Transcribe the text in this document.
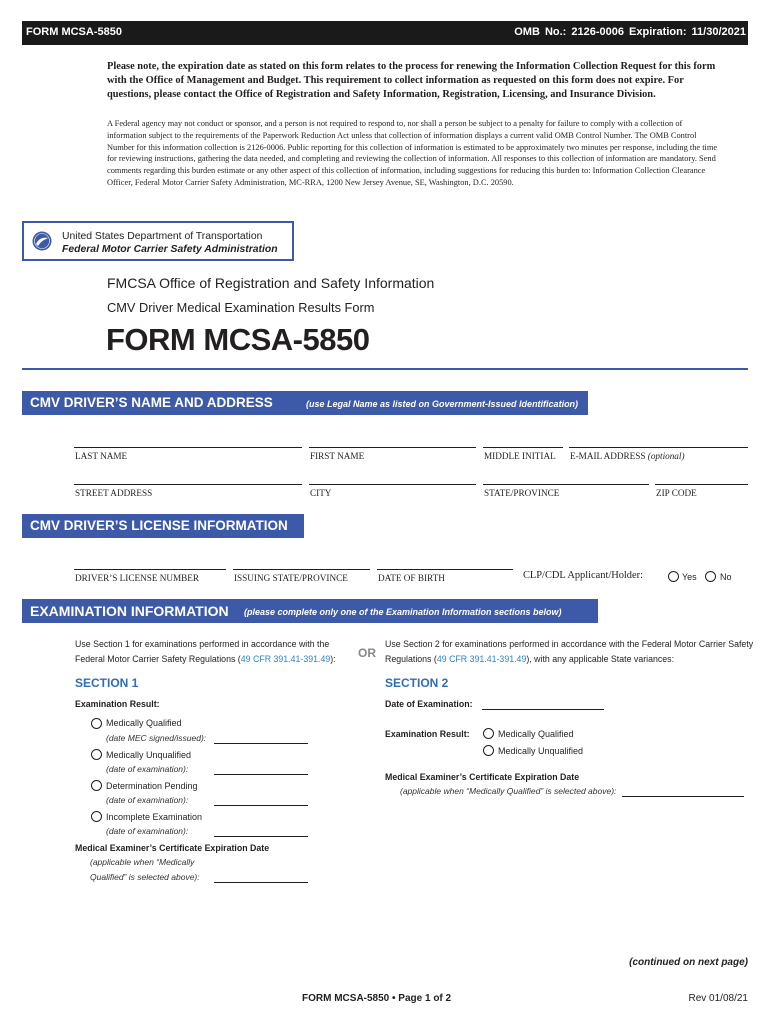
FORM MCSA-5850	OMB No.: 2126-0006 Expiration: 11/30/2021
Please note, the expiration date as stated on this form relates to the process for renewing the Information Collection Request for this form with the Office of Management and Budget. This requirement to collect information as requested on this form does not expire. For questions, please contact the Office of Registration and Safety Information, Registration, Licensing, and Insurance Division.
A Federal agency may not conduct or sponsor, and a person is not required to respond to, nor shall a person be subject to a penalty for failure to comply with a collection of information subject to the requirements of the Paperwork Reduction Act unless that collection of information displays a current valid OMB Control Number. The OMB Control Number for this information collection is 2126-0006. Public reporting for this collection of information is estimated to be approximately two minutes per response, including the time for reviewing instructions, gathering the data needed, and completing and reviewing the collection of information. All responses to this collection of information are mandatory. Send comments regarding this burden estimate or any other aspect of this collection of information, including suggestions for reducing this burden to: Information Collection Clearance Officer, Federal Motor Carrier Safety Administration, MC-RRA, 1200 New Jersey Avenue, SE, Washington, D.C. 20590.
United States Department of Transportation
Federal Motor Carrier Safety Administration
FMCSA Office of Registration and Safety Information
CMV Driver Medical Examination Results Form
FORM MCSA-5850
CMV DRIVER’S NAME AND ADDRESS	(use Legal Name as listed on Government-Issued Identification)
LAST NAME	FIRST NAME	MIDDLE INITIAL E-MAIL ADDRESS (optional)
STREET ADDRESS	CITY	STATE/PROVINCE	ZIP CODE
CMV DRIVER’S LICENSE INFORMATION
DRIVER’S LICENSE NUMBER	ISSUING STATE/PROVINCE	DATE OF BIRTH	CLP/CDL Applicant/Holder:	Yes	No
EXAMINATION INFORMATION (please complete only one of the Examination Information sections below)
Use Section 1 for examinations performed in accordance with the Federal Motor Carrier Safety Regulations (49 CFR 391.41-391.49):	OR
Use Section 2 for examinations performed in accordance with the Federal Motor Carrier Safety Regulations (49 CFR 391.41-391.49), with any applicable State variances:
SECTION 1
Examination Result:
Medically Qualified
(date MEC signed/issued):
Medically Unqualified
(date of examination):
Determination Pending
(date of examination):
Incomplete Examination
(date of examination):
Medical Examiner’s Certificate Expiration Date
(applicable when “Medically
Qualified” is selected above):
SECTION 2
Date of Examination:
Examination Result:	Medically Qualified
Medically Unqualified
Medical Examiner’s Certificate Expiration Date
(applicable when “Medically Qualified” is selected above):
(continued on next page)
FORM MCSA-5850 • Page 1 of 2	Rev 01/08/21
